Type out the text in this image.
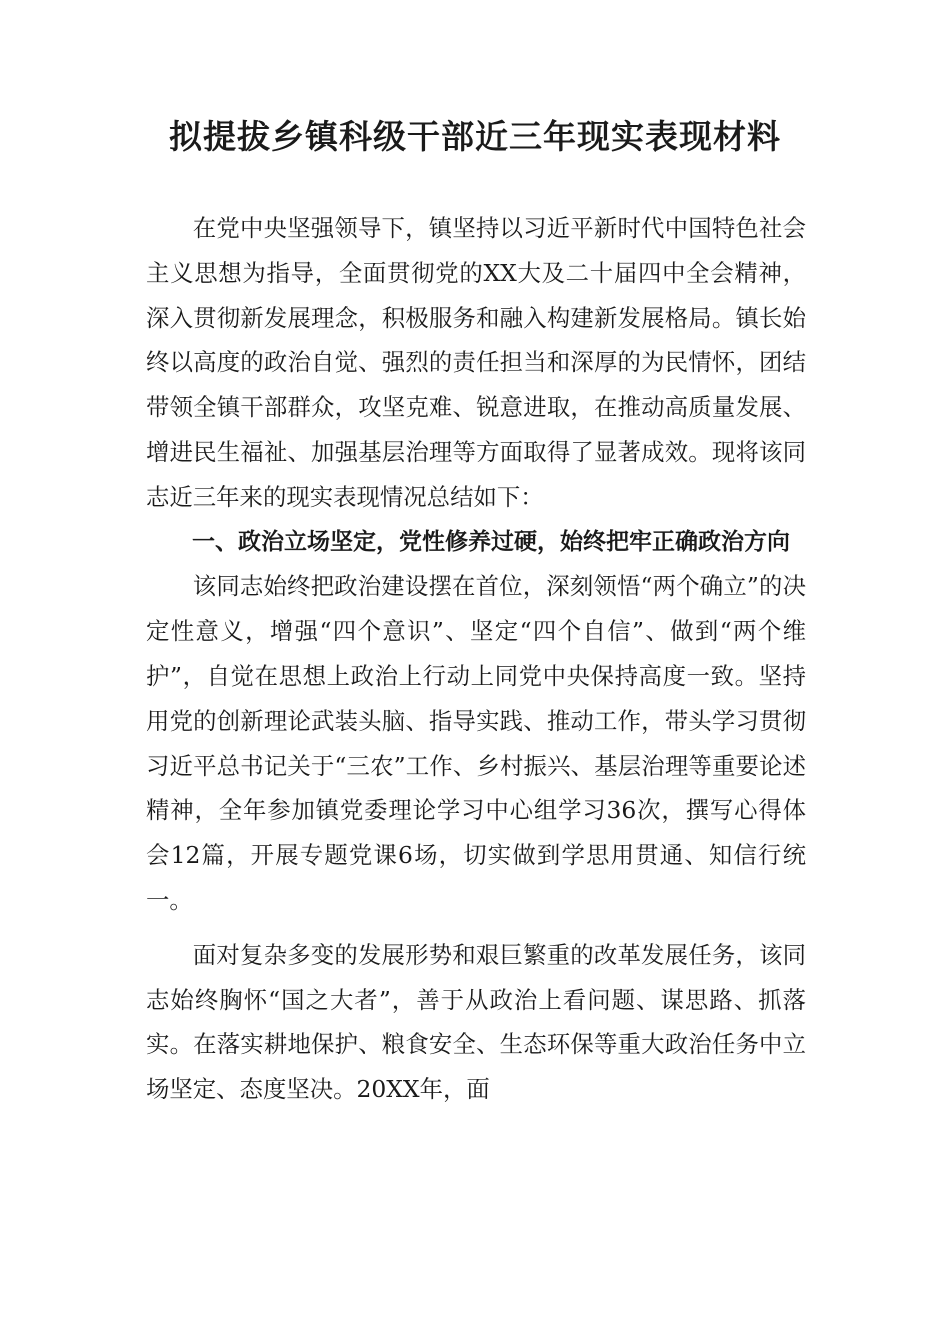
拟提拔乡镇科级干部近三年现实表现材料

在党中央坚强领导下，镇坚持以习近平新时代中国特色社会主义思想为指导，全面贯彻党的XX大及二十届四中全会精神，深入贯彻新发展理念，积极服务和融入构建新发展格局。镇长始终以高度的政治自觉、强烈的责任担当和深厚的为民情怀，团结带领全镇干部群众，攻坚克难、锐意进取，在推动高质量发展、增进民生福祉、加强基层治理等方面取得了显著成效。现将该同志近三年来的现实表现情况总结如下：

一、政治立场坚定，党性修养过硬，始终把牢正确政治方向

该同志始终把政治建设摆在首位，深刻领悟“两个确立”的决定性意义，增强“四个意识”、坚定“四个自信”、做到“两个维护”，自觉在思想上政治上行动上同党中央保持高度一致。坚持用党的创新理论武装头脑、指导实践、推动工作，带头学习贯彻习近平总书记关于“三农”工作、乡村振兴、基层治理等重要论述精神，全年参加镇党委理论学习中心组学习36次，撰写心得体会12篇，开展专题党课6场，切实做到学思用贯通、知信行统一。

面对复杂多变的发展形势和艰巨繁重的改革发展任务，该同志始终胸怀“国之大者”，善于从政治上看问题、谋思路、抓落实。在落实耕地保护、粮食安全、生态环保等重大政治任务中立场坚定、态度坚决。20XX年，面
